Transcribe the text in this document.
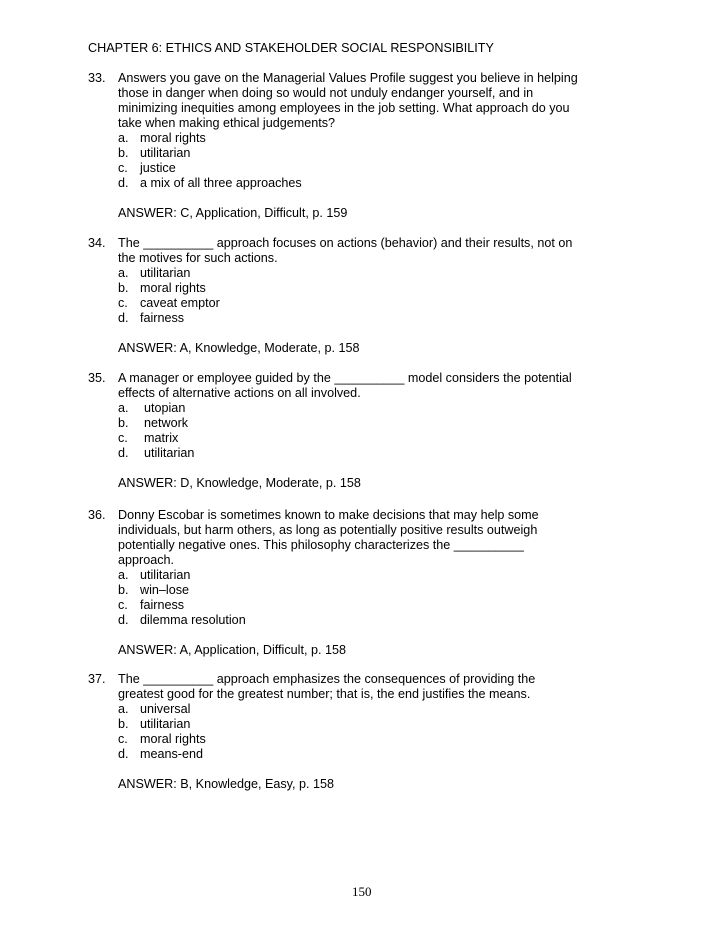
CHAPTER 6: ETHICS AND STAKEHOLDER SOCIAL RESPONSIBILITY
33. Answers you gave on the Managerial Values Profile suggest you believe in helping
those in danger when doing so would not unduly endanger yourself, and in
minimizing inequities among employees in the job setting. What approach do you
take when making ethical judgements?
a. moral rights
b. utilitarian
c. justice
d. a mix of all three approaches
ANSWER: C, Application, Difficult, p. 159
34. The __________ approach focuses on actions (behavior) and their results, not on
the motives for such actions.
a. utilitarian
b. moral rights
c. caveat emptor
d. fairness
ANSWER: A, Knowledge, Moderate, p. 158
35. A manager or employee guided by the __________ model considers the potential
effects of alternative actions on all involved.
a. utopian
b. network
c. matrix
d. utilitarian
ANSWER: D, Knowledge, Moderate, p. 158
36. Donny Escobar is sometimes known to make decisions that may help some
individuals, but harm others, as long as potentially positive results outweigh
potentially negative ones. This philosophy characterizes the __________
approach.
a. utilitarian
b. win–lose
c. fairness
d. dilemma resolution
ANSWER: A, Application, Difficult, p. 158
37. The __________ approach emphasizes the consequences of providing the
greatest good for the greatest number; that is, the end justifies the means.
a. universal
b. utilitarian
c. moral rights
d. means-end
ANSWER: B, Knowledge, Easy, p. 158
150
